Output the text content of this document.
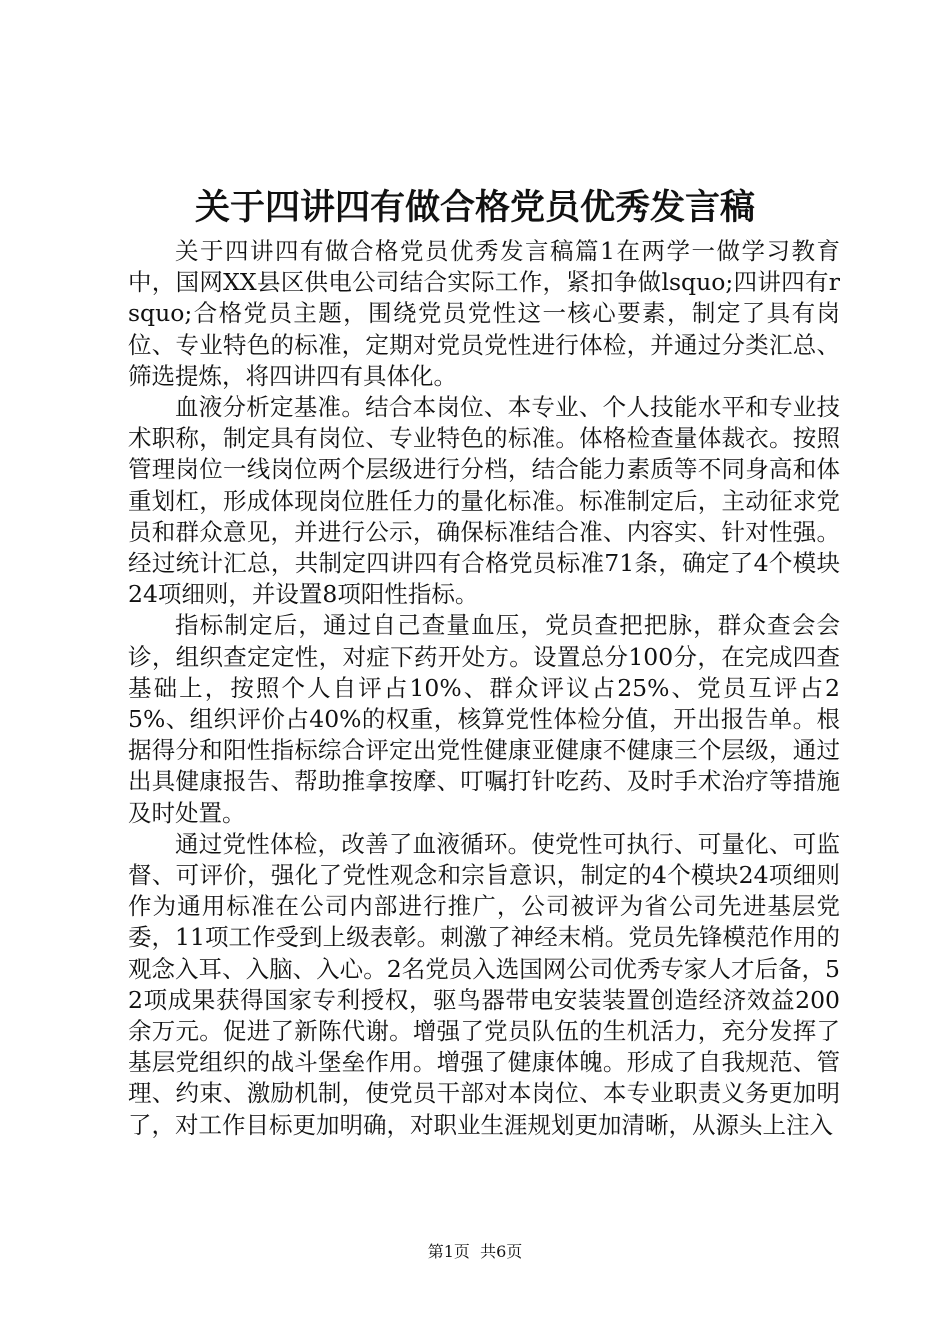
关于四讲四有做合格党员优秀发言稿

关于四讲四有做合格党员优秀发言稿篇1在两学一做学习教育中，国网XX县区供电公司结合实际工作，紧扣争做lsquo;四讲四有rsquo;合格党员主题，围绕党员党性这一核心要素，制定了具有岗位、专业特色的标准，定期对党员党性进行体检，并通过分类汇总、筛选提炼，将四讲四有具体化。

血液分析定基准。结合本岗位、本专业、个人技能水平和专业技术职称，制定具有岗位、专业特色的标准。体格检查量体裁衣。按照管理岗位一线岗位两个层级进行分档，结合能力素质等不同身高和体重划杠，形成体现岗位胜任力的量化标准。标准制定后，主动征求党员和群众意见，并进行公示，确保标准结合准、内容实、针对性强。经过统计汇总，共制定四讲四有合格党员标准71条，确定了4个模块24项细则，并设置8项阳性指标。

指标制定后，通过自己查量血压，党员查把把脉，群众查会会诊，组织查定定性，对症下药开处方。设置总分100分，在完成四查基础上，按照个人自评占10%、群众评议占25%、党员互评占25%、组织评价占40%的权重，核算党性体检分值，开出报告单。根据得分和阳性指标综合评定出党性健康亚健康不健康三个层级，通过出具健康报告、帮助推拿按摩、叮嘱打针吃药、及时手术治疗等措施及时处置。

通过党性体检，改善了血液循环。使党性可执行、可量化、可监督、可评价，强化了党性观念和宗旨意识，制定的4个模块24项细则作为通用标准在公司内部进行推广，公司被评为省公司先进基层党委，11项工作受到上级表彰。刺激了神经末梢。党员先锋模范作用的观念入耳、入脑、入心。2名党员入选国网公司优秀专家人才后备，52项成果获得国家专利授权，驱鸟器带电安装装置创造经济效益200余万元。促进了新陈代谢。增强了党员队伍的生机活力，充分发挥了基层党组织的战斗堡垒作用。增强了健康体魄。形成了自我规范、管理、约束、激励机制，使党员干部对本岗位、本专业职责义务更加明了，对工作目标更加明确，对职业生涯规划更加清晰，从源头上注入

第1页 共6页
